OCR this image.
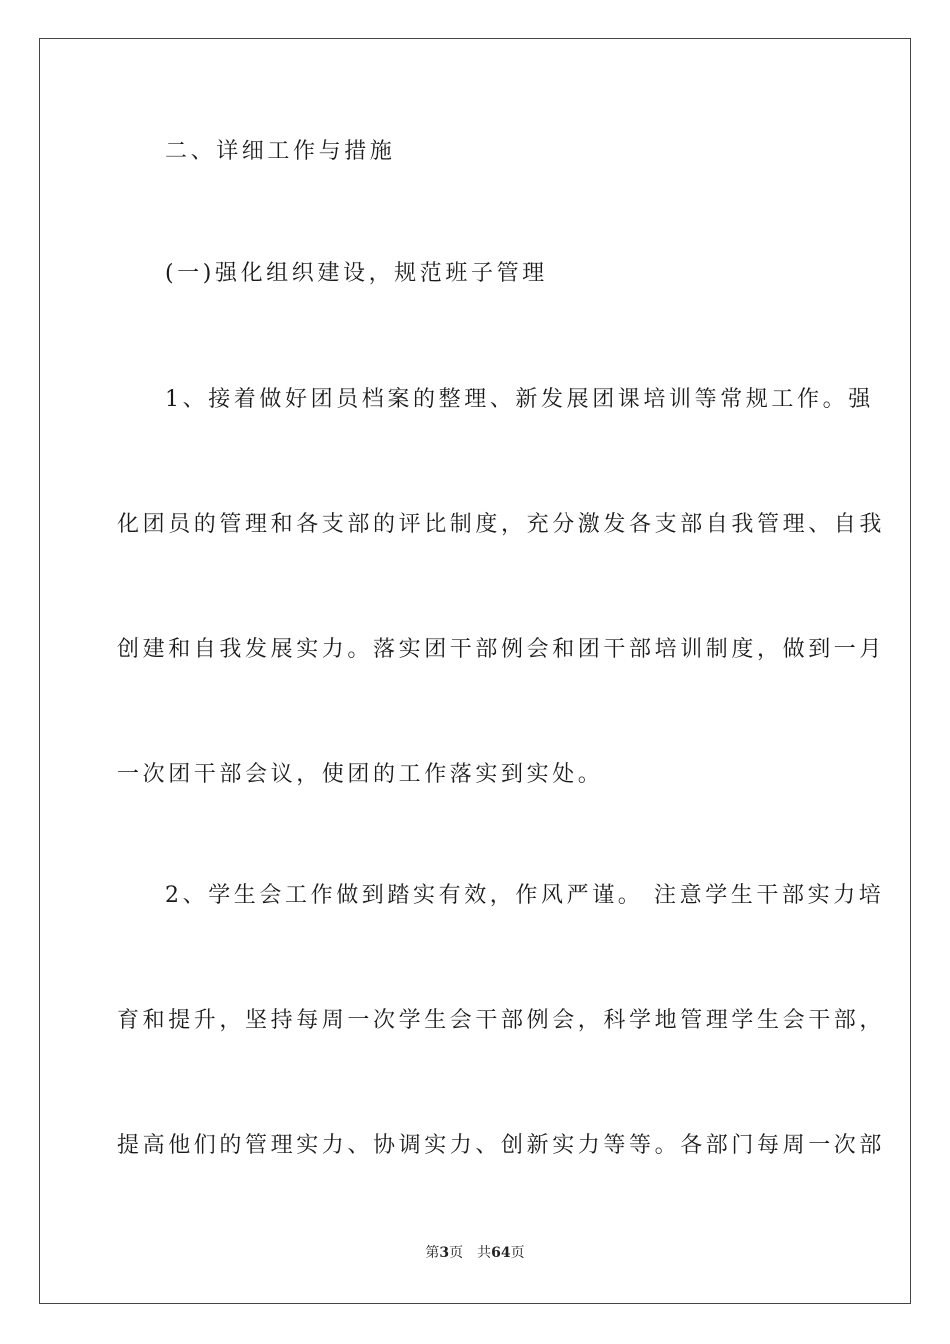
二、详细工作与措施
(一)强化组织建设，规范班子管理
1、接着做好团员档案的整理、新发展团课培训等常规工作。强
化团员的管理和各支部的评比制度，充分激发各支部自我管理、自我
创建和自我发展实力。落实团干部例会和团干部培训制度，做到一月
一次团干部会议，使团的工作落实到实处。
2、学生会工作做到踏实有效，作风严谨。 注意学生干部实力培
育和提升，坚持每周一次学生会干部例会，科学地管理学生会干部，
提高他们的管理实力、协调实力、创新实力等等。各部门每周一次部
第3页 共64页
